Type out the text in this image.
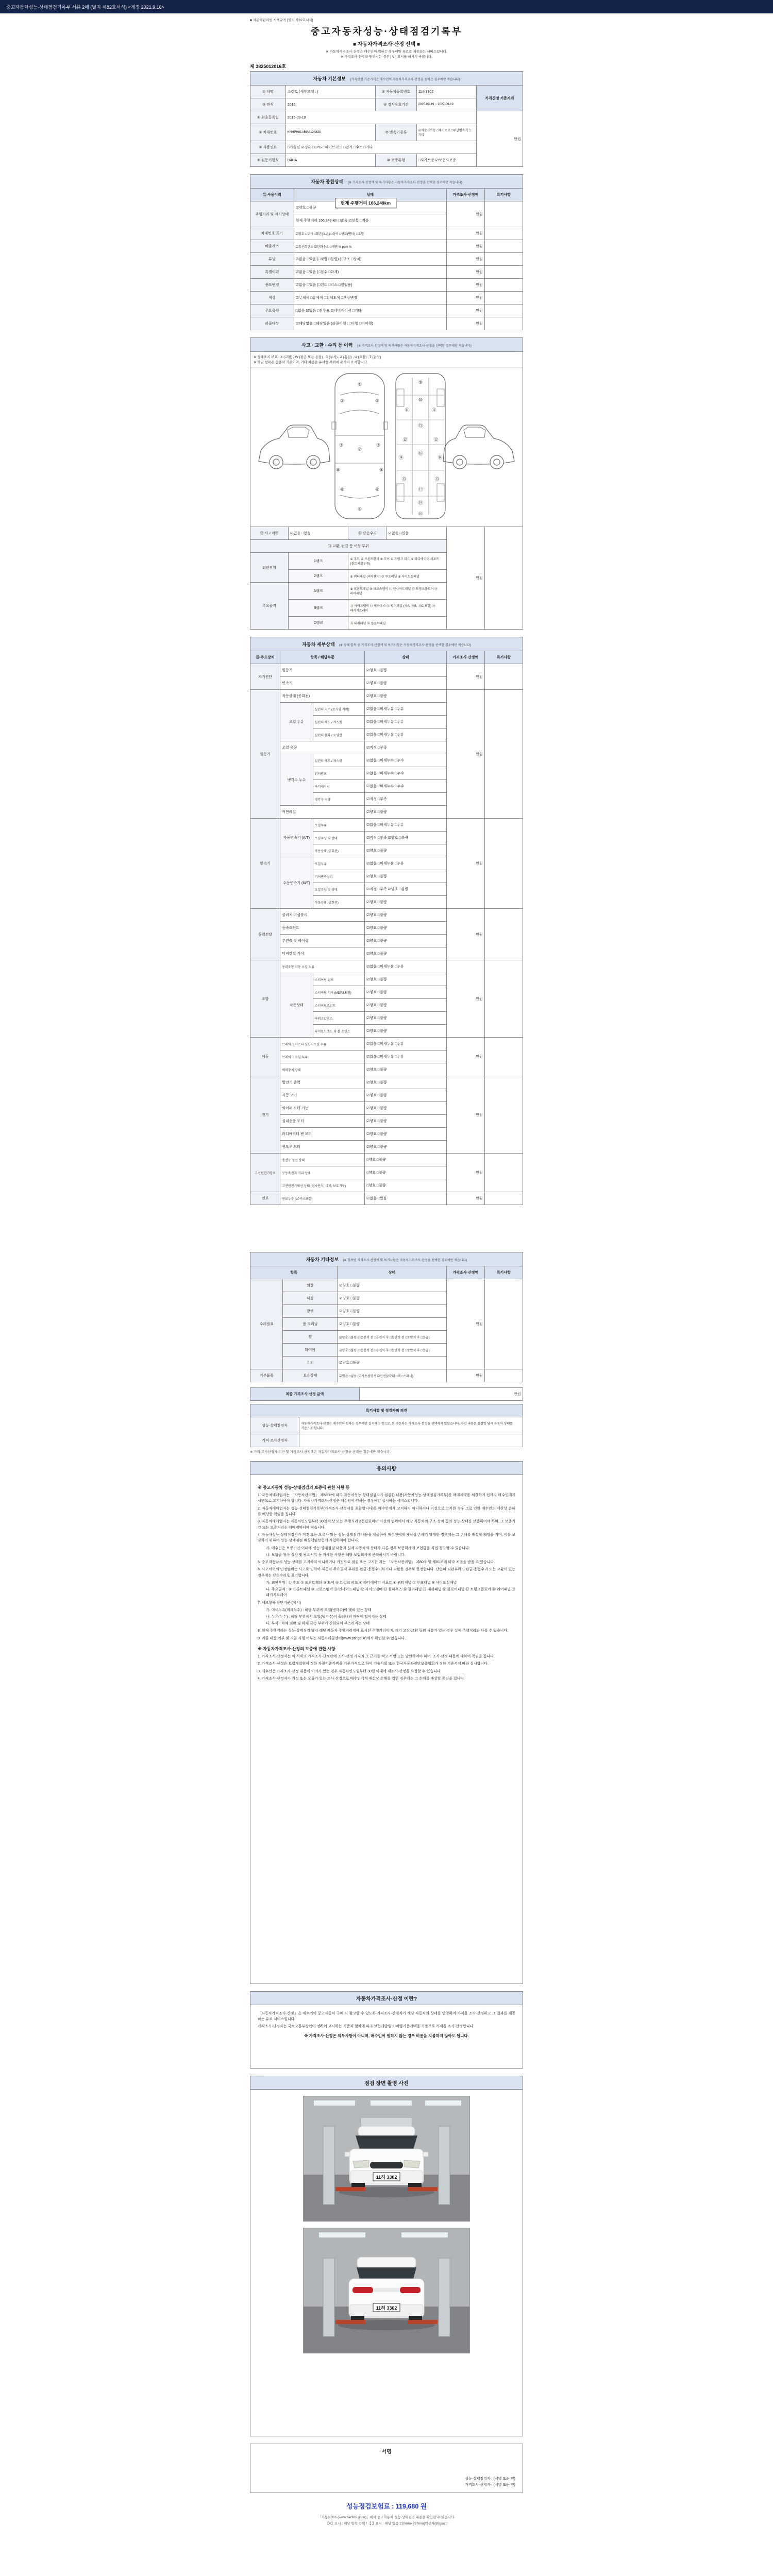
중고자동차성능·상태점검기록부 서류 2매 (별지 제82호서식) <개정 2021.9.16>
■ 자동차관리법 시행규칙 [별지 제82호서식]
중고자동차성능·상태점검기록부
■ 자동차가격조사·산정 선택 ■
※ 자동차가격조사·산정은 매수인이 원하는 경우에만 유료로 제공되는 서비스입니다.
※ 가격조사·산정을 원하시는 경우 [ V ] 표시를 하시기 바랍니다.
제 3825012016호
자동차 기본정보 (가격산정 기준가격은 매수인이 자동차가격조사·산정을 원하는 경우에만 적습니다)
① 차명	쏘렌토 (세부모델 : )	② 자동차등록번호	11허3302	가격산정 기준가격
③ 연식	2016	④ 검사유효기간	2025-09-19 ~ 2027-09-19	
⑤ 최초등록일	2015-09-10			만원
⑥ 차대번호	KNHPH81ABGA124833	⑦ 변속기종류	☑자동 □수동 □세미오토 □무단변속기 □기타	
⑧ 사용연료	□가솔린 ☑경유 □LPG □하이브리드 □전기 □수소 □기타			
⑨ 원동기형식	D4HA	⑩ 보증유형	□자가보증 ☑보험사보증	
자동차 종합상태 (※ 가격조사·산정액 및 특기사항은 자동차가격조사·산정을 선택한 경우에만 적습니다)
현재 주행거리 166,249km
⑪ 사용이력	상태	가격조사·산정액	특기사항
주행거리 및 계기상태	☑양호 □불량	만원	
	현재 주행거리 166,249 km □많음 ☑보통 □적음		
차대번호 표기	☑양호 □부식 □훼손(오손) □상이 □변조(변타) □도말	만원	
배출가스	☑일산화탄소 ☑탄화수소 □매연 % ppm %	만원	
튜닝	☑없음 □있음 (□적법 □불법) (□구조 □장치)	만원	
특별이력	☑없음 □있음 (□침수 □화재)	만원	
용도변경	☑없음 □있음 (□렌트 □리스 □영업용)	만원	
색상	☑무채색 □유채색 □전체도색 □색상변경	만원	
주요옵션	□없음 ☑있음 □썬루프 ☑네비게이션 □기타	만원	
리콜대상	☑해당없음 □해당있음 (리콜이행 : □이행 □미이행)	만원	
사고 · 교환 · 수리 등 이력 (※ 가격조사·산정액 및 특기사항은 자동차가격조사·산정을 선택한 경우에만 적습니다)
※ 상태표시 부호 : X (교환) , W (판금 또는 용접) , C (부식) , A (흠집) , U (요철) , T (손상)
※ 하단 항목은 승용차 기준이며, 기타 차종은 유사한 부위에 준하여 표시합니다.
①
②	②
③	③
⑦
④
⑥	⑥
⑧	⑧
⑨
⑩
⑪	⑪
⑮
⑯
⑫	⑫
⑬	⑬
⑭	⑭
⑰
⑲
⑱
⑫ 사고이력	☑없음 □있음	⑬ 단순수리	☑없음 □있음	만원	
⑭ 교환, 판금 등 이상 부위					
외판부위	1랭크	① 후드 ② 프론트휀더 ③ 도어 ④ 트렁크 리드 ⑤ 라디에이터 서포트 (볼트체결부품)			
	2랭크	⑥ 쿼터패널 (리어휀더) ⑦ 루프패널 ⑧ 사이드실패널			
주요골격	A랭크	⑨ 프론트패널 ⑩ 크로스멤버 ⑪ 인사이드패널 ⑰ 트렁크플로어 ⑱ 리어패널			
	B랭크	⑫ 사이드멤버 ⑬ 휠하우스 ⑭ 필러패널 (⑭A, ⑭B, ⑭C 포함) ⑲ 패키지트레이			
	C랭크	⑮ 대쉬패널 ⑯ 플로어패널			
자동차 세부상태 (※ 상태 항목 중 가격조사·산정액 및 특기사항은 자동차가격조사·산정을 선택한 경우에만 적습니다)
⑮ 주요장치	항목 / 해당부품		상태	가격조사·산정액	특기사항
자기진단	원동기		☑양호 □불량	만원	
	변속기		☑양호 □불량		
원동기	작동상태 (공회전)		☑양호 □불량	만원	
	오일 누유	실린더 커버 (로커암 커버)	☑없음 □미세누유 □누유		
		실린더 헤드 / 개스킷	☑없음 □미세누유 □누유		
		실린더 블록 / 오일팬	☑없음 □미세누유 □누유		
	오일 유량		☑적정 □부족		
	냉각수 누수	실린더 헤드 / 개스킷	☑없음 □미세누수 □누수		
		워터펌프	☑없음 □미세누수 □누수		
		라디에이터	☑없음 □미세누수 □누수		
		냉각수 수량	☑적정 □부족		
	커먼레일		☑양호 □불량		
변속기	자동변속기 (A/T)	오일누유	☑없음 □미세누유 □누유	만원	
		오일유량 및 상태	☑적정 □부족 ☑양호 □불량		
		작동상태 (공회전)	☑양호 □불량		
	수동변속기 (M/T)	오일누유	☑없음 □미세누유 □누유		
		기어변속장치	☑양호 □불량		
		오일유량 및 상태	☑적정 □부족 ☑양호 □불량		
		작동상태 (공회전)	☑양호 □불량		
동력전달	클러치 어셈블리		☑양호 □불량	만원	
	등속조인트		☑양호 □불량		
	추진축 및 베어링		☑양호 □불량		
	디퍼렌셜 기어		☑양호 □불량		
조향	동력조향 작동 오일 누유		☑없음 □미세누유 □누유	만원	
	작동상태	스티어링 펌프	☑양호 □불량		
		스티어링 기어 (MDPS포함)	☑양호 □불량		
		스티어링조인트	☑양호 □불량		
		파워고압호스	☑양호 □불량		
		타이로드엔드 및 볼 조인트	☑양호 □불량		
제동	브레이크 마스터 실린더오일 누유		☑없음 □미세누유 □누유	만원	
	브레이크 오일 누유		☑없음 □미세누유 □누유		
	배력장치 상태		☑양호 □불량		
전기	발전기 출력		☑양호 □불량	만원	
	시동 모터		☑양호 □불량		
	와이퍼 모터 기능		☑양호 □불량		
	실내송풍 모터		☑양호 □불량		
	라디에이터 팬 모터		☑양호 □불량		
	윈도우 모터		☑양호 □불량		
고전원전기장치	충전구 절연 상태		□양호 □불량	만원	
	구동축전지 격리 상태		□양호 □불량		
	고전원전기배선 상태 (접속단자, 피복, 보호기구)		□양호 □불량		
연료	연료누출 (LP가스포함)		☑없음 □있음	만원	
자동차 기타정보 (※ 항목별 가격조사·산정액 및 특기사항은 자동차가격조사·산정을 선택한 경우에만 적습니다)
항목		상태	가격조사·산정액	특기사항
수리필요	외장	☑양호 □불량	만원	
	내장	☑양호 □불량		
	광택	☑양호 □불량		
	룸 크리닝	☑양호 □불량		
	휠	☑양호 □불량 (□운전석 전 □운전석 후 □동반석 전 □동반석 후 □응급)		
	타이어	☑양호 □불량 (□운전석 전 □운전석 후 □동반석 전 □동반석 후 □응급)		
	유리	☑양호 □불량		
기본품목	보유상태	☑있음 □없음 (☑사용설명서 ☑안전삼각대 □잭 □스패너)	만원	
최종 가격조사·산정 금액	만원
특기사항 및 점검자의 의견	
성능·상태점검자	자동차가격조사·산정은 매수인이 원하는 경우에만 실시하는 것으로, 본 자동차는 가격조사·산정을 선택하지 않았습니다. 점검 내용은 점검일 당시 자동차 상태를 기준으로 합니다.
가격·조사산정자	
※ 가격·조사산정자 의견 및 가격조사·산정액은 자동차가격조사·산정을 선택한 경우에만 적습니다.
유의사항
※ 중고자동차 성능·상태점검의 보증에 관한 사항 등
1. 자동차매매업자는 「자동차관리법」 제58조에 따라 자동차성능·상태점검자가 점검한 내용(자동차성능·상태점검기록부)을 매매계약을 체결하기 전까지 매수인에게 서면으로 고지하여야 합니다. 자동차가격조사·산정은 매수인이 원하는 경우에만 실시하는 서비스입니다.
2. 자동차매매업자는 성능·상태점검기록부(가격조사·산정서를 포함합니다)를 매수인에게 고지하지 아니하거나 거짓으로 고지한 경우 그로 인한 매수인의 재산상 손해를 배상할 책임을 집니다.
3. 자동차매매업자는 자동차인도일부터 30일 이상 또는 주행거리 2천킬로미터 이상의 범위에서 해당 자동차의 구조·장치 등의 성능·상태를 보증하여야 하며, 그 보증기간 또는 보증거리는 매매계약서에 적습니다.
4. 자동차성능·상태점검자가 거짓 또는 오류가 있는 성능·상태점검 내용을 제공하여 매수인에게 재산상 손해가 발생한 경우에는 그 손해를 배상할 책임을 지며, 이를 보장하기 위하여 성능·상태점검 배상책임보험에 가입하여야 합니다.
가. 매수인은 보증기간 이내에 성능·상태점검 내용과 실제 자동차의 상태가 다른 경우 보험회사에 보험금을 직접 청구할 수 있습니다.
나. 보험금 청구 절차 및 필요서류 등 자세한 사항은 해당 보험회사에 문의하시기 바랍니다.
5. 중고자동차의 성능·상태를 고지하지 아니하거나 거짓으로 점검 또는 고지한 자는 「자동차관리법」 제80조 및 제81조에 따라 처벌을 받을 수 있습니다.
6. 사고이력의 인정범위는 사고로 인하여 자동차 주요골격 부위를 판금·용접수리하거나 교환한 경우로 한정합니다. 단순히 외판부위의 판금·용접수리 또는 교환이 있는 경우에는 단순수리로 표기합니다.
가. 외판부위 : ① 후드 ② 프론트휀더 ③ 도어 ④ 트렁크 리드 ⑤ 라디에이터 서포트 ⑥ 쿼터패널 ⑦ 루프패널 ⑧ 사이드실패널
나. 주요골격 : ⑨ 프론트패널 ⑩ 크로스멤버 ⑪ 인사이드패널 ⑫ 사이드멤버 ⑬ 휠하우스 ⑭ 필러패널 ⑮ 대쉬패널 ⑯ 플로어패널 ⑰ 트렁크플로어 ⑱ 리어패널 ⑲ 패키지트레이
7. 체크항목 판단기준 (예시)
가. 미세누유(미세누수) : 해당 부위에 오일(냉각수)이 맺혀 있는 상태
나. 누유(누수) : 해당 부위에서 오일(냉각수)이 흘러내려 바닥에 떨어지는 상태
다. 부식 : 차체 외판 및 하체 금속 부위가 산화되어 부스러지는 상태
8. 현재 주행거리는 성능·상태점검 당시 해당 자동차 주행거리계에 표시된 주행거리이며, 계기 고장·교환 등의 사유가 있는 경우 실제 주행거리와 다를 수 있습니다.
9. 리콜 대상 여부 및 리콜 시행 여부는 자동차리콜센터(www.car.go.kr)에서 확인할 수 있습니다.
※ 자동차가격조사·산정의 보증에 관한 사항
1. 가격조사·산정자는 이 서식의 가격조사·산정란에 조사·산정 가격과 그 근거를 적고 서명 또는 날인하여야 하며, 조사·산정 내용에 대하여 책임을 집니다.
2. 가격조사·산정은 보험개발원이 정한 차량기준가액을 기준가격으로 하여 기술사회 또는 한국자동차진단보증협회가 정한 기준서에 따라 실시합니다.
3. 매수인은 가격조사·산정 내용에 이의가 있는 경우 자동차인도일부터 30일 이내에 재조사·산정을 요청할 수 있습니다.
4. 가격조사·산정자가 거짓 또는 오류가 있는 조사·산정으로 매수인에게 재산상 손해를 입힌 경우에는 그 손해를 배상할 책임을 집니다.
자동차가격조사·산정 이란?
「자동차가격조사·산정」은 매수인이 중고자동차 구매 시 참고할 수 있도록 가격조사·산정자가 해당 자동차의 상태를 반영하여 가격을 조사·산정하고 그 결과를 제공하는 유료 서비스입니다.
가격조사·산정자는 국토교통부장관이 정하여 고시하는 기준과 절차에 따라 보험개발원의 차량기준가액을 기준으로 가격을 조사·산정합니다.
※ 가격조사·산정은 의무사항이 아니며, 매수인이 원하지 않는 경우 비용을 지불하지 않아도 됩니다.
점검 장면 촬영 사진
11허 3302
11허 3302
서명
성능·상태점검자 : (서명 또는 인)
가격조사·산정자 : (서명 또는 인)
성능점검보험료 : 119,680 원
「자동차365 (www.car365.go.kr)」에서 중고자동차 성능·상태점검 내용을 확인할 수 있습니다.
【V】표시 : 해당 항목 선택 / 【 】표시 : 해당 없음 210mm×297mm[백상지(80g/㎡)]
